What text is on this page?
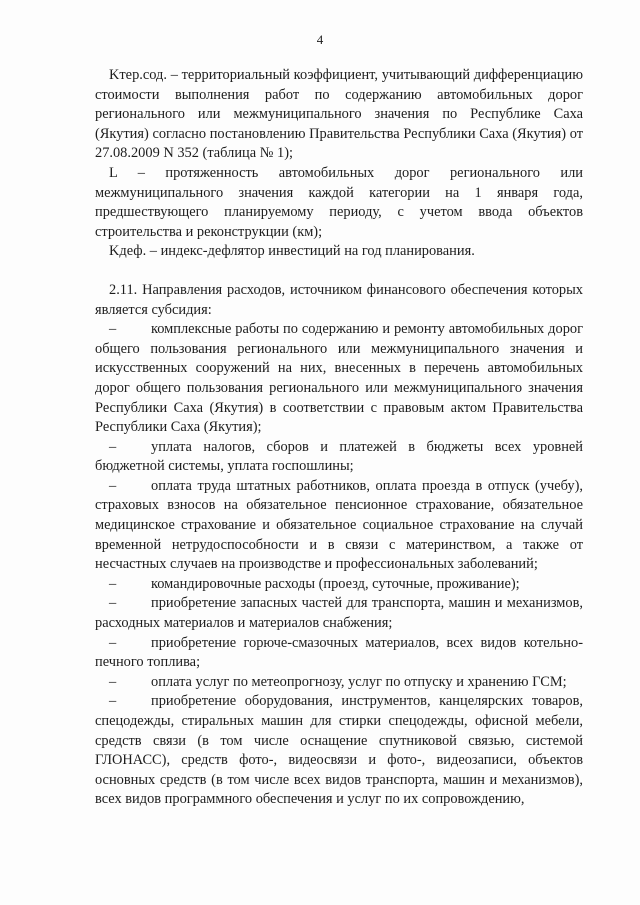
4

Kтер.сод. – территориальный коэффициент, учитывающий дифференциацию стоимости выполнения работ по содержанию автомобильных дорог регионального или межмуниципального значения по Республике Саха (Якутия) согласно постановлению Правительства Республики Саха (Якутия) от 27.08.2009 N 352 (таблица № 1);

L – протяженность автомобильных дорог регионального или межмуниципального значения каждой категории на 1 января года, предшествующего планируемому периоду, с учетом ввода объектов строительства и реконструкции (км);

Kдеф. – индекс-дефлятор инвестиций на год планирования.

2.11. Направления расходов, источником финансового обеспечения которых является субсидия:

– комплексные работы по содержанию и ремонту автомобильных дорог общего пользования регионального или межмуниципального значения и искусственных сооружений на них, внесенных в перечень автомобильных дорог общего пользования регионального или межмуниципального значения Республики Саха (Якутия) в соответствии с правовым актом Правительства Республики Саха (Якутия);

– уплата налогов, сборов и платежей в бюджеты всех уровней бюджетной системы, уплата госпошлины;

– оплата труда штатных работников, оплата проезда в отпуск (учебу), страховых взносов на обязательное пенсионное страхование, обязательное медицинское страхование и обязательное социальное страхование на случай временной нетрудоспособности и в связи с материнством, а также от несчастных случаев на производстве и профессиональных заболеваний;

– командировочные расходы (проезд, суточные, проживание);

– приобретение запасных частей для транспорта, машин и механизмов, расходных материалов и материалов снабжения;

– приобретение горюче-смазочных материалов, всех видов котельно-печного топлива;

– оплата услуг по метеопрогнозу, услуг по отпуску и хранению ГСМ;

– приобретение оборудования, инструментов, канцелярских товаров, спецодежды, стиральных машин для стирки спецодежды, офисной мебели, средств связи (в том числе оснащение спутниковой связью, системой ГЛОНАСС), средств фото-, видеосвязи и фото-, видеозаписи, объектов основных средств (в том числе всех видов транспорта, машин и механизмов), всех видов программного обеспечения и услуг по их сопровождению,
